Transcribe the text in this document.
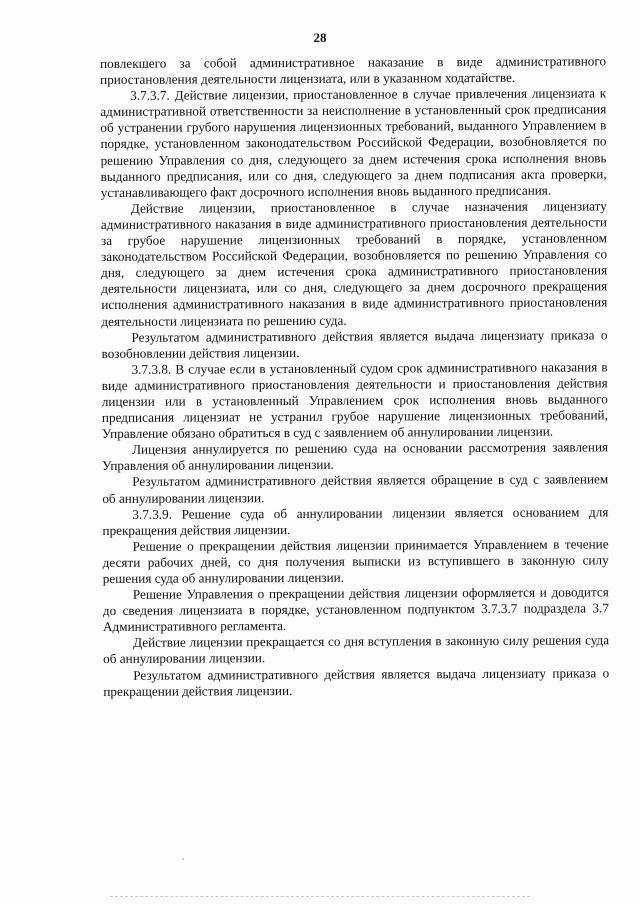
28

повлекшего за собой административное наказание в виде административного приостановления деятельности лицензиата, или в указанном ходатайстве.

3.7.3.7. Действие лицензии, приостановленное в случае привлечения лицензиата к административной ответственности за неисполнение в установленный срок предписания об устранении грубого нарушения лицензионных требований, выданного Управлением в порядке, установленном законодательством Российской Федерации, возобновляется по решению Управления со дня, следующего за днем истечения срока исполнения вновь выданного предписания, или со дня, следующего за днем подписания акта проверки, устанавливающего факт досрочного исполнения вновь выданного предписания.

Действие лицензии, приостановленное в случае назначения лицензиату административного наказания в виде административного приостановления деятельности за грубое нарушение лицензионных требований в порядке, установленном законодательством Российской Федерации, возобновляется по решению Управления со дня, следующего за днем истечения срока административного приостановления деятельности лицензиата, или со дня, следующего за днем досрочного прекращения исполнения административного наказания в виде административного приостановления деятельности лицензиата по решению суда.

Результатом административного действия является выдача лицензиату приказа о возобновлении действия лицензии.

3.7.3.8. В случае если в установленный судом срок административного наказания в виде административного приостановления деятельности и приостановления действия лицензии или в установленный Управлением срок исполнения вновь выданного предписания лицензиат не устранил грубое нарушение лицензионных требований, Управление обязано обратиться в суд с заявлением об аннулировании лицензии.

Лицензия аннулируется по решению суда на основании рассмотрения заявления Управления об аннулировании лицензии.

Результатом административного действия является обращение в суд с заявлением об аннулировании лицензии.

3.7.3.9. Решение суда об аннулировании лицензии является основанием для прекращения действия лицензии.

Решение о прекращении действия лицензии принимается Управлением в течение десяти рабочих дней, со дня получения выписки из вступившего в законную силу решения суда об аннулировании лицензии.

Решение Управления о прекращении действия лицензии оформляется и доводится до сведения лицензиата в порядке, установленном подпунктом 3.7.3.7 подраздела 3.7 Административного регламента.

Действие лицензии прекращается со дня вступления в законную силу решения суда об аннулировании лицензии.

Результатом административного действия является выдача лицензиату приказа о прекращении действия лицензии.
